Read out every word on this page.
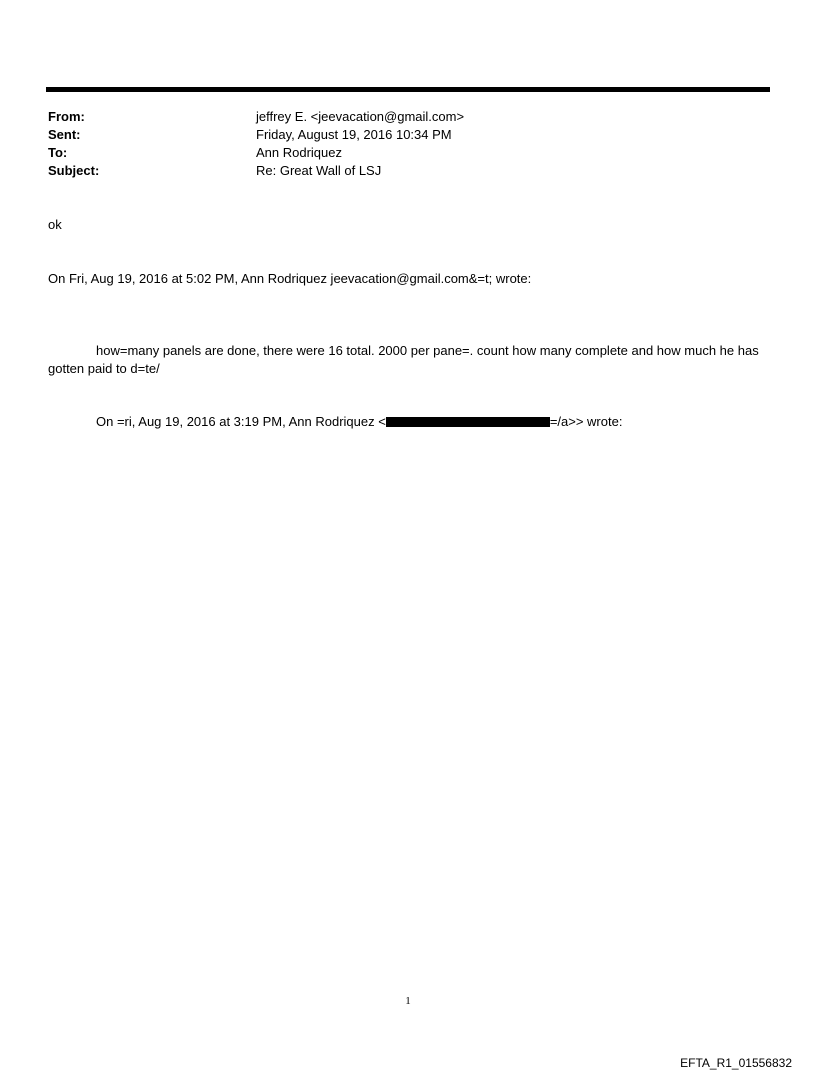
From:	jeffrey E. <jeevacation@gmail.com>
Sent:	Friday, August 19, 2016 10:34 PM
To:	Ann Rodriquez
Subject:	Re: Great Wall of LSJ
ok
On Fri, Aug 19, 2016 at 5:02 PM, Ann Rodriquez jeevacation@gmail.com&=t; wrote:
how=many panels are done, there were 16 total. 2000 per pane=. count how many complete and how much he has gotten paid to d=te/
On =ri, Aug 19, 2016 at 3:19 PM, Ann Rodriquez <	=/a>> wrote:
1
EFTA_R1_01556832
